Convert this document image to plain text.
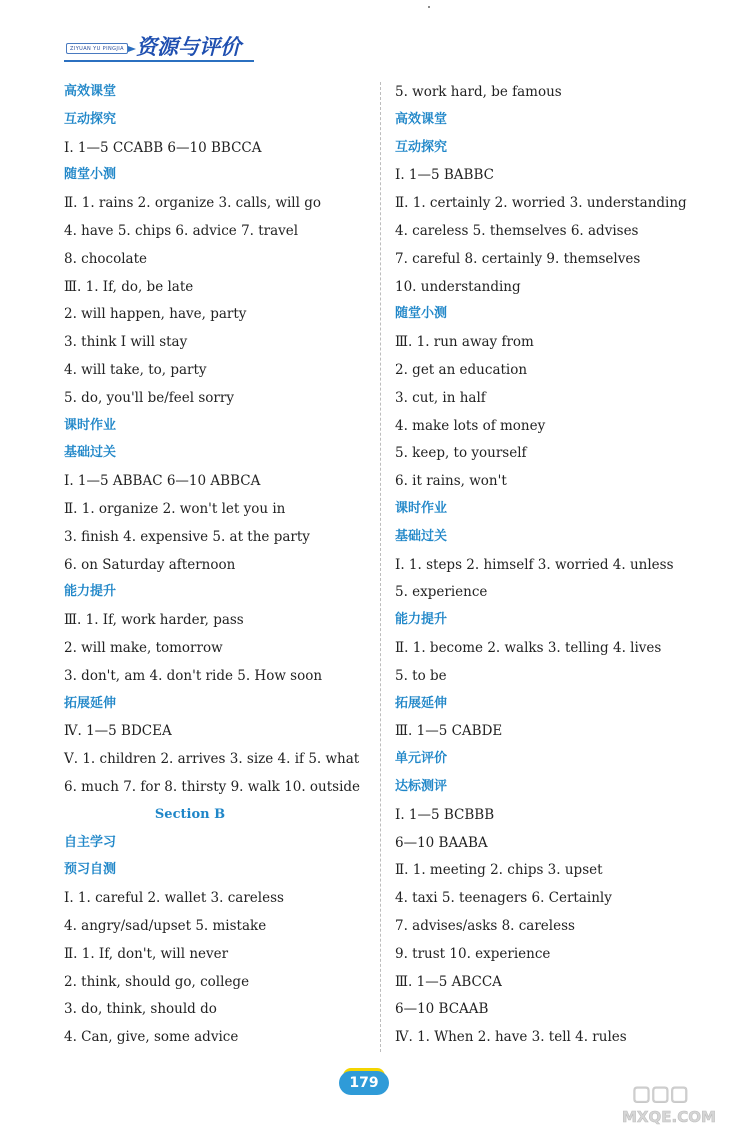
ZIYUAN YU PINGJIA 资源与评价
高效课堂
互动探究
Ⅰ. 1—5 CCABB 6—10 BBCCA
随堂小测
Ⅱ. 1. rains 2. organize 3. calls, will go
4. have 5. chips 6. advice 7. travel
8. chocolate
Ⅲ. 1. If, do, be late
2. will happen, have, party
3. think I will stay
4. will take, to, party
5. do, you'll be/feel sorry
课时作业
基础过关
Ⅰ. 1—5 ABBAC 6—10 ABBCA
Ⅱ. 1. organize 2. won't let you in
3. finish 4. expensive 5. at the party
6. on Saturday afternoon
能力提升
Ⅲ. 1. If, work harder, pass
2. will make, tomorrow
3. don't, am 4. don't ride 5. How soon
拓展延伸
Ⅳ. 1—5 BDCEA
Ⅴ. 1. children 2. arrives 3. size 4. if 5. what
6. much 7. for 8. thirsty 9. walk 10. outside
Section B
自主学习
预习自测
Ⅰ. 1. careful 2. wallet 3. careless
4. angry/sad/upset 5. mistake
Ⅱ. 1. If, don't, will never
2. think, should go, college
3. do, think, should do
4. Can, give, some advice
5. work hard, be famous
高效课堂
互动探究
Ⅰ. 1—5 BABBC
Ⅱ. 1. certainly 2. worried 3. understanding
4. careless 5. themselves 6. advises
7. careful 8. certainly 9. themselves
10. understanding
随堂小测
Ⅲ. 1. run away from
2. get an education
3. cut, in half
4. make lots of money
5. keep, to yourself
6. it rains, won't
课时作业
基础过关
Ⅰ. 1. steps 2. himself 3. worried 4. unless
5. experience
能力提升
Ⅱ. 1. become 2. walks 3. telling 4. lives
5. to be
拓展延伸
Ⅲ. 1—5 CABDE
单元评价
达标测评
Ⅰ. 1—5 BCBBB
6—10 BAABA
Ⅱ. 1. meeting 2. chips 3. upset
4. taxi 5. teenagers 6. Certainly
7. advises/asks 8. careless
9. trust 10. experience
Ⅲ. 1—5 ABCCA
6—10 BCAAB
Ⅳ. 1. When 2. have 3. tell 4. rules
179	▢▢▢
MXQE.COM
